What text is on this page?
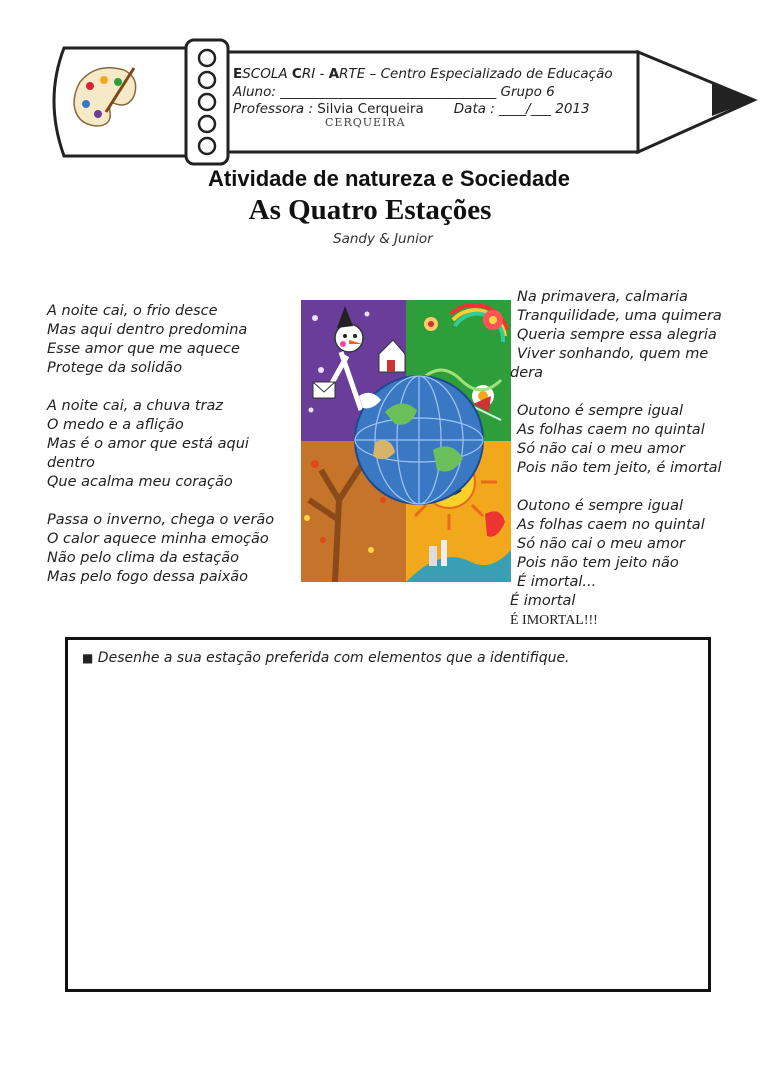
ESCOLA CRI - ARTE – Centro Especializado de Educação
Aluno: ________________________________ Grupo 6
Professora : Silvia Cerqueira Data : ____/___ 2013
CERQUEIRA
Atividade de natureza e Sociedade
As Quatro Estações
Sandy & Junior
A noite cai, o frio desce
Mas aqui dentro predomina
Esse amor que me aquece
Protege da solidão
A noite cai, a chuva traz
O medo e a aflição
Mas é o amor que está aqui
dentro
Que acalma meu coração
Passa o inverno, chega o verão
O calor aquece minha emoção
Não pelo clima da estação
Mas pelo fogo dessa paixão
Na primavera, calmaria
Tranquilidade, uma quimera
Queria sempre essa alegria
Viver sonhando, quem me
dera
Outono é sempre igual
As folhas caem no quintal
Só não cai o meu amor
Pois não tem jeito, é imortal
Outono é sempre igual
As folhas caem no quintal
Só não cai o meu amor
Pois não tem jeito não
É imortal...
É imortal
É IMORTAL!!!
■ Desenhe a sua estação preferida com elementos que a identifique.
